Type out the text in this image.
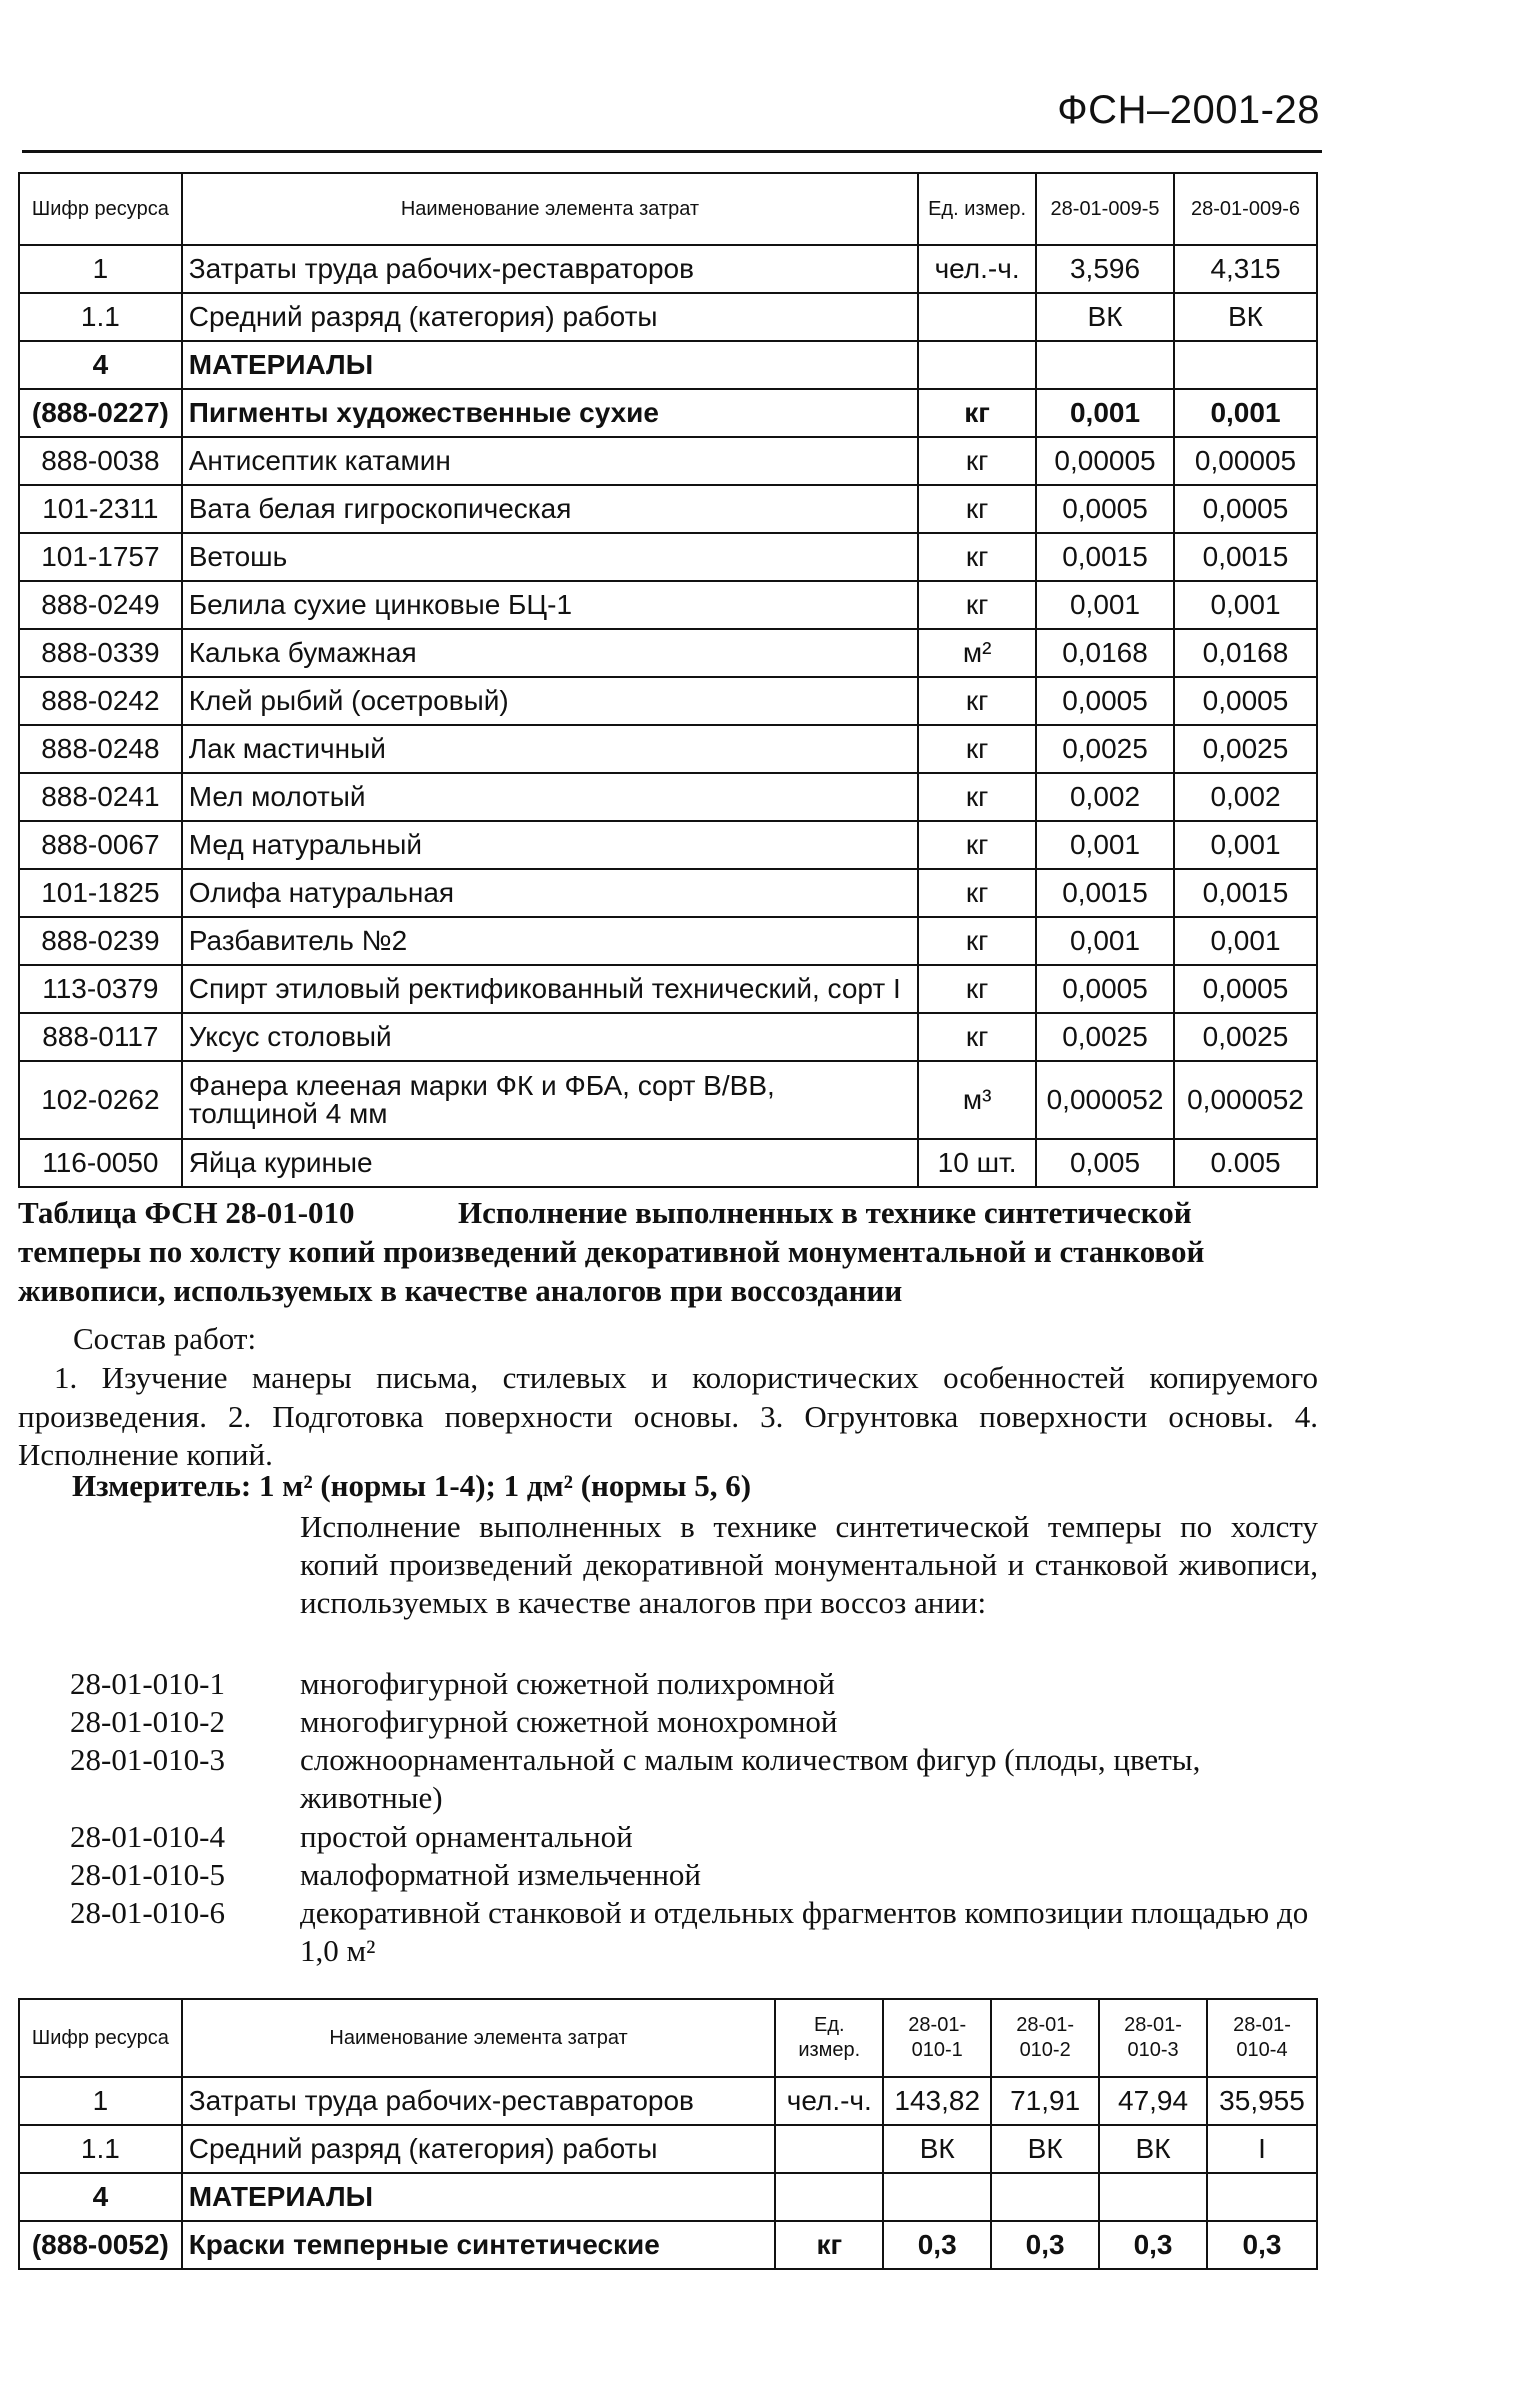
ФСН–2001-28
Шифр ресурса	Наименование элемента затрат	Ед. измер.	28-01-009-5	28-01-009-6
1	Затраты труда рабочих-реставраторов	чел.-ч.	3,596	4,315
1.1	Средний разряд (категория) работы		ВК	ВК
4	МАТЕРИАЛЫ			
(888-0227)	Пигменты художественные сухие	кг	0,001	0,001
888-0038	Антисептик катамин	кг	0,00005	0,00005
101-2311	Вата белая гигроскопическая	кг	0,0005	0,0005
101-1757	Ветошь	кг	0,0015	0,0015
888-0249	Белила сухие цинковые БЦ-1	кг	0,001	0,001
888-0339	Калька бумажная	м²	0,0168	0,0168
888-0242	Клей рыбий (осетровый)	кг	0,0005	0,0005
888-0248	Лак мастичный	кг	0,0025	0,0025
888-0241	Мел молотый	кг	0,002	0,002
888-0067	Мед натуральный	кг	0,001	0,001
101-1825	Олифа натуральная	кг	0,0015	0,0015
888-0239	Разбавитель №2	кг	0,001	0,001
113-0379	Спирт этиловый ректификованный технический, сорт I	кг	0,0005	0,0005
888-0117	Уксус столовый	кг	0,0025	0,0025
102-0262	Фанера клееная марки ФК и ФБА, сорт В/ВВ, толщиной 4 мм	м³	0,000052	0,000052
116-0050	Яйца куриные	10 шт.	0,005	0.005
Таблица ФСН 28-01-010	Исполнение выполненных в технике синтетической темперы по холсту копий произведений декоративной монументальной и станковой живописи, используемых в качестве аналогов при воссоздании
Состав работ:
1. Изучение манеры письма, стилевых и колористических особенностей копируемого произведения. 2. Подготовка поверхности основы. 3. Огрунтовка поверхности основы. 4. Исполнение копий.
Измеритель: 1 м² (нормы 1-4); 1 дм² (нормы 5, 6)
Исполнение выполненных в технике синтетической темперы по холсту копий произведений декоративной монументальной и станковой живописи, используемых в качестве аналогов при воссоз ании:
28-01-010-1	многофигурной сюжетной полихромной
28-01-010-2	многофигурной сюжетной монохромной
28-01-010-3	сложноорнаментальной с малым количеством фигур (плоды, цветы, животные)
28-01-010-4	простой орнаментальной
28-01-010-5	малоформатной измельченной
28-01-010-6	декоративной станковой и отдельных фрагментов композиции площадью до 1,0 м²
Шифр ресурса	Наименование элемента затрат	Ед. измер.	28-01-010-1	28-01-010-2	28-01-010-3	28-01-010-4
1	Затраты труда рабочих-реставраторов	чел.-ч.	143,82	71,91	47,94	35,955
1.1	Средний разряд (категория) работы		ВК	ВК	ВК	I
4	МАТЕРИАЛЫ					
(888-0052)	Краски темперные синтетические	кг	0,3	0,3	0,3	0,3
